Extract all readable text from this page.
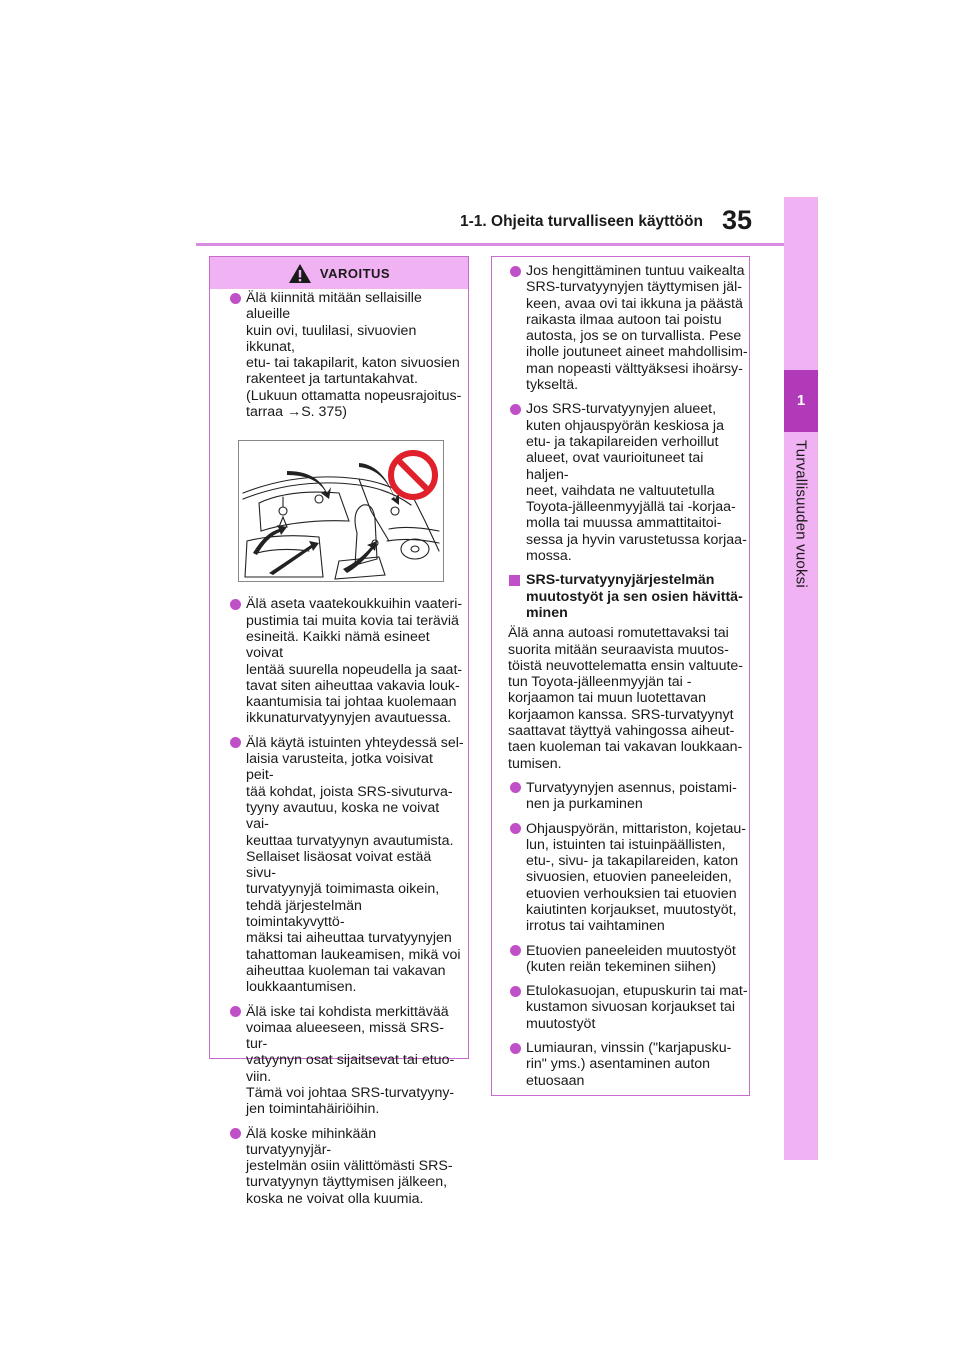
1-1. Ohjeita turvalliseen käyttöön 35
1
Turvallisuuden vuoksi
VAROITUS
Älä kiinnitä mitään sellaisille alueille
kuin ovi, tuulilasi, sivuovien ikkunat,
etu- tai takapilarit, katon sivuosien
rakenteet ja tartuntakahvat.
(Lukuun ottamatta nopeusrajoitus-
tarraa →S. 375)
Älä aseta vaatekoukkuihin vaateri-
pustimia tai muita kovia tai teräviä
esineitä. Kaikki nämä esineet voivat
lentää suurella nopeudella ja saat-
tavat siten aiheuttaa vakavia louk-
kaantumisia tai johtaa kuolemaan
ikkunaturvatyynyjen avautuessa.
Älä käytä istuinten yhteydessä sel-
laisia varusteita, jotka voisivat peit-
tää kohdat, joista SRS-sivuturva-
tyyny avautuu, koska ne voivat vai-
keuttaa turvatyynyn avautumista.
Sellaiset lisäosat voivat estää sivu-
turvatyynyjä toimimasta oikein,
tehdä järjestelmän toimintakyvyttö-
mäksi tai aiheuttaa turvatyynyjen
tahattoman laukeamisen, mikä voi
aiheuttaa kuoleman tai vakavan
loukkaantumisen.
Älä iske tai kohdista merkittävää
voimaa alueeseen, missä SRS-tur-
vatyynyn osat sijaitsevat tai etuo-
viin.
Tämä voi johtaa SRS-turvatyyny-
jen toimintahäiriöihin.
Älä koske mihinkään turvatyynyjär-
jestelmän osiin välittömästi SRS-
turvatyynyn täyttymisen jälkeen,
koska ne voivat olla kuumia.
Jos hengittäminen tuntuu vaikealta
SRS-turvatyynyjen täyttymisen jäl-
keen, avaa ovi tai ikkuna ja päästä
raikasta ilmaa autoon tai poistu
autosta, jos se on turvallista. Pese
iholle joutuneet aineet mahdollisim-
man nopeasti välttyäksesi ihoärsy-
tykseltä.
Jos SRS-turvatyynyjen alueet,
kuten ohjauspyörän keskiosa ja
etu- ja takapilareiden verhoillut
alueet, ovat vaurioituneet tai haljen-
neet, vaihdata ne valtuutetulla
Toyota-jälleenmyyjällä tai -korjaa-
molla tai muussa ammattitaitoi-
sessa ja hyvin varustetussa korjaa-
mossa.
SRS-turvatyynyjärjestelmän
muutostyöt ja sen osien hävittä-
minen
Älä anna autoasi romutettavaksi tai
suorita mitään seuraavista muutos-
töistä neuvottelematta ensin valtuute-
tun Toyota-jälleenmyyjän tai -
korjaamon tai muun luotettavan
korjaamon kanssa. SRS-turvatyynyt
saattavat täyttyä vahingossa aiheut-
taen kuoleman tai vakavan loukkaan-
tumisen.
Turvatyynyjen asennus, poistami-
nen ja purkaminen
Ohjauspyörän, mittariston, kojetau-
lun, istuinten tai istuinpäällisten,
etu-, sivu- ja takapilareiden, katon
sivuosien, etuovien paneeleiden,
etuovien verhouksien tai etuovien
kaiutinten korjaukset, muutostyöt,
irrotus tai vaihtaminen
Etuovien paneeleiden muutostyöt
(kuten reiän tekeminen siihen)
Etulokasuojan, etupuskurin tai mat-
kustamon sivuosan korjaukset tai
muutostyöt
Lumiauran, vinssin ("karjapusku-
rin" yms.) asentaminen auton
etuosaan
